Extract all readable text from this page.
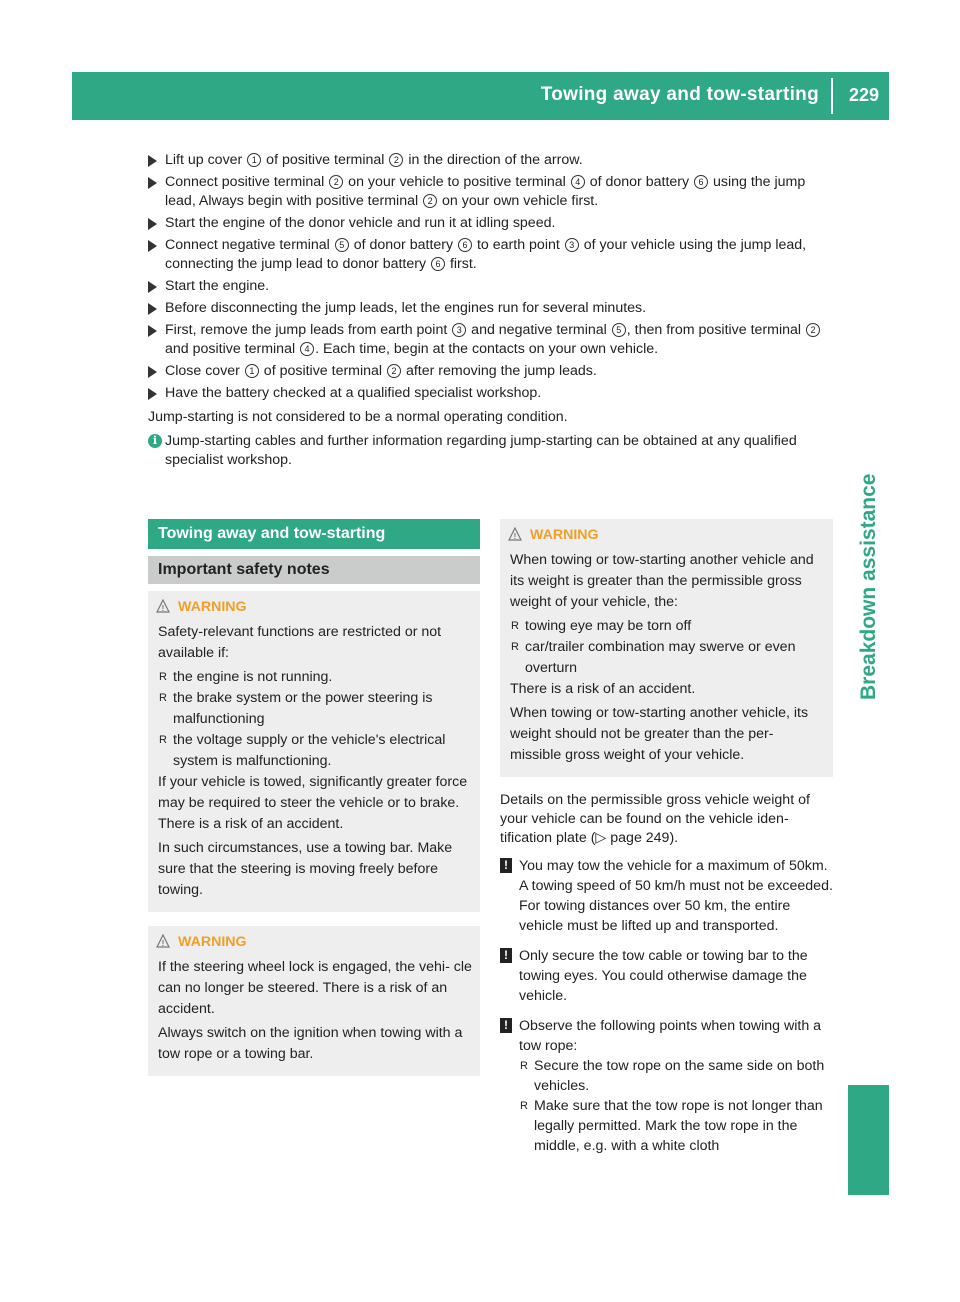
Towing away and tow-starting 229
Breakdown assistance
Lift up cover 1 of positive terminal 2 in the direction of the arrow.
Connect positive terminal 2 on your vehicle to positive terminal 4 of donor battery 6 using the jump lead, Always begin with positive terminal 2 on your own vehicle first.
Start the engine of the donor vehicle and run it at idling speed.
Connect negative terminal 5 of donor battery 6 to earth point 3 of your vehicle using the jump lead, connecting the jump lead to donor battery 6 first.
Start the engine.
Before disconnecting the jump leads, let the engines run for several minutes.
First, remove the jump leads from earth point 3 and negative terminal 5 , then from positive terminal 2 and positive terminal 4 . Each time, begin at the contacts on your own vehicle.
Close cover 1 of positive terminal 2 after removing the jump leads.
Have the battery checked at a qualified specialist workshop.
Jump-starting is not considered to be a normal operating condition.
i Jump-starting cables and further information regarding jump-starting can be obtained at any qualified specialist workshop.
Towing away and tow-starting
Important safety notes
! WARNING
Safety-relevant functions are restricted or not available if:
R the engine is not running.
R the brake system or the power steering is malfunctioning
R the voltage supply or the vehicle's electrical system is malfunctioning.
If your vehicle is towed, significantly greater force may be required to steer the vehicle or to brake. There is a risk of an accident.
In such circumstances, use a towing bar. Make sure that the steering is moving freely before towing.
! WARNING
If the steering wheel lock is engaged, the vehi- cle can no longer be steered. There is a risk of an accident.
Always switch on the ignition when towing with a tow rope or a towing bar.
! WARNING
When towing or tow-starting another vehicle and its weight is greater than the permissible gross weight of your vehicle, the:
R towing eye may be torn off
R car/trailer combination may swerve or even overturn
There is a risk of an accident.
When towing or tow-starting another vehicle, its weight should not be greater than the per- missible gross weight of your vehicle.
Details on the permissible gross vehicle weight of your vehicle can be found on the vehicle iden- tification plate (▷ page 249).
! You may tow the vehicle for a maximum of 50km. A towing speed of 50 km/h must not be exceeded.
For towing distances over 50 km, the entire vehicle must be lifted up and transported.
! Only secure the tow cable or towing bar to the towing eyes. You could otherwise damage the vehicle.
! Observe the following points when towing with a tow rope:
R Secure the tow rope on the same side on both vehicles.
R Make sure that the tow rope is not longer than legally permitted. Mark the tow rope in the middle, e.g. with a white cloth
